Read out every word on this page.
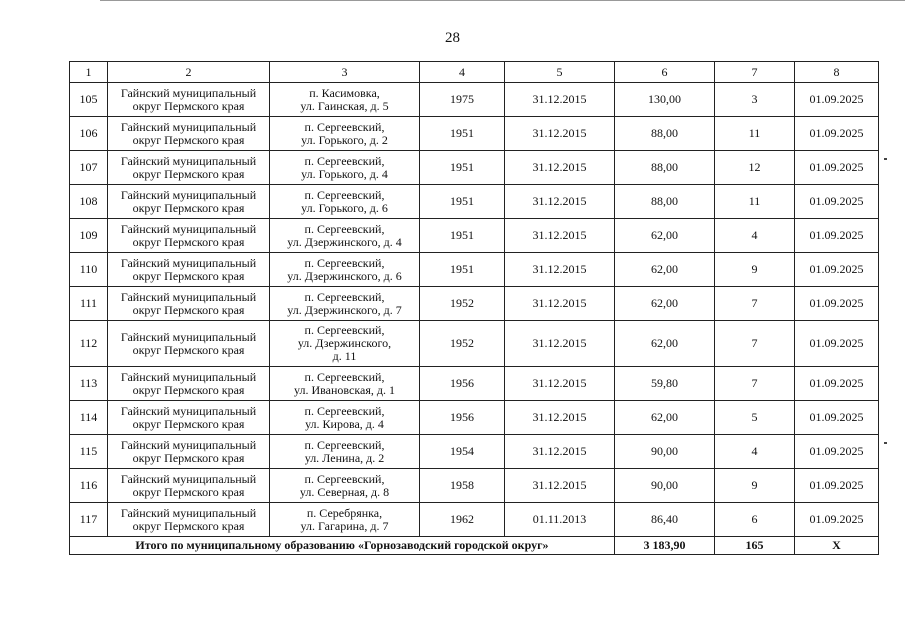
28
1	2	3	4	5	6	7	8
105	Гайнский муниципальный
округ Пермского края	п. Касимовка,
ул. Гаинская, д. 5	1975	31.12.2015	130,00	3	01.09.2025
106	Гайнский муниципальный
округ Пермского края	п. Сергеевский,
ул. Горького, д. 2	1951	31.12.2015	88,00	11	01.09.2025
107	Гайнский муниципальный
округ Пермского края	п. Сергеевский,
ул. Горького, д. 4	1951	31.12.2015	88,00	12	01.09.2025
108	Гайнский муниципальный
округ Пермского края	п. Сергеевский,
ул. Горького, д. 6	1951	31.12.2015	88,00	11	01.09.2025
109	Гайнский муниципальный
округ Пермского края	п. Сергеевский,
ул. Дзержинского, д. 4	1951	31.12.2015	62,00	4	01.09.2025
110	Гайнский муниципальный
округ Пермского края	п. Сергеевский,
ул. Дзержинского, д. 6	1951	31.12.2015	62,00	9	01.09.2025
111	Гайнский муниципальный
округ Пермского края	п. Сергеевский,
ул. Дзержинского, д. 7	1952	31.12.2015	62,00	7	01.09.2025
112	Гайнский муниципальный
округ Пермского края	п. Сергеевский,
ул. Дзержинского,
д. 11	1952	31.12.2015	62,00	7	01.09.2025
113	Гайнский муниципальный
округ Пермского края	п. Сергеевский,
ул. Ивановская, д. 1	1956	31.12.2015	59,80	7	01.09.2025
114	Гайнский муниципальный
округ Пермского края	п. Сергеевский,
ул. Кирова, д. 4	1956	31.12.2015	62,00	5	01.09.2025
115	Гайнский муниципальный
округ Пермского края	п. Сергеевский,
ул. Ленина, д. 2	1954	31.12.2015	90,00	4	01.09.2025
116	Гайнский муниципальный
округ Пермского края	п. Сергеевский,
ул. Северная, д. 8	1958	31.12.2015	90,00	9	01.09.2025
117	Гайнский муниципальный
округ Пермского края	п. Серебрянка,
ул. Гагарина, д. 7	1962	01.11.2013	86,40	6	01.09.2025
Итого по муниципальному образованию «Горнозаводский городской округ»					3 183,90	165	Х
